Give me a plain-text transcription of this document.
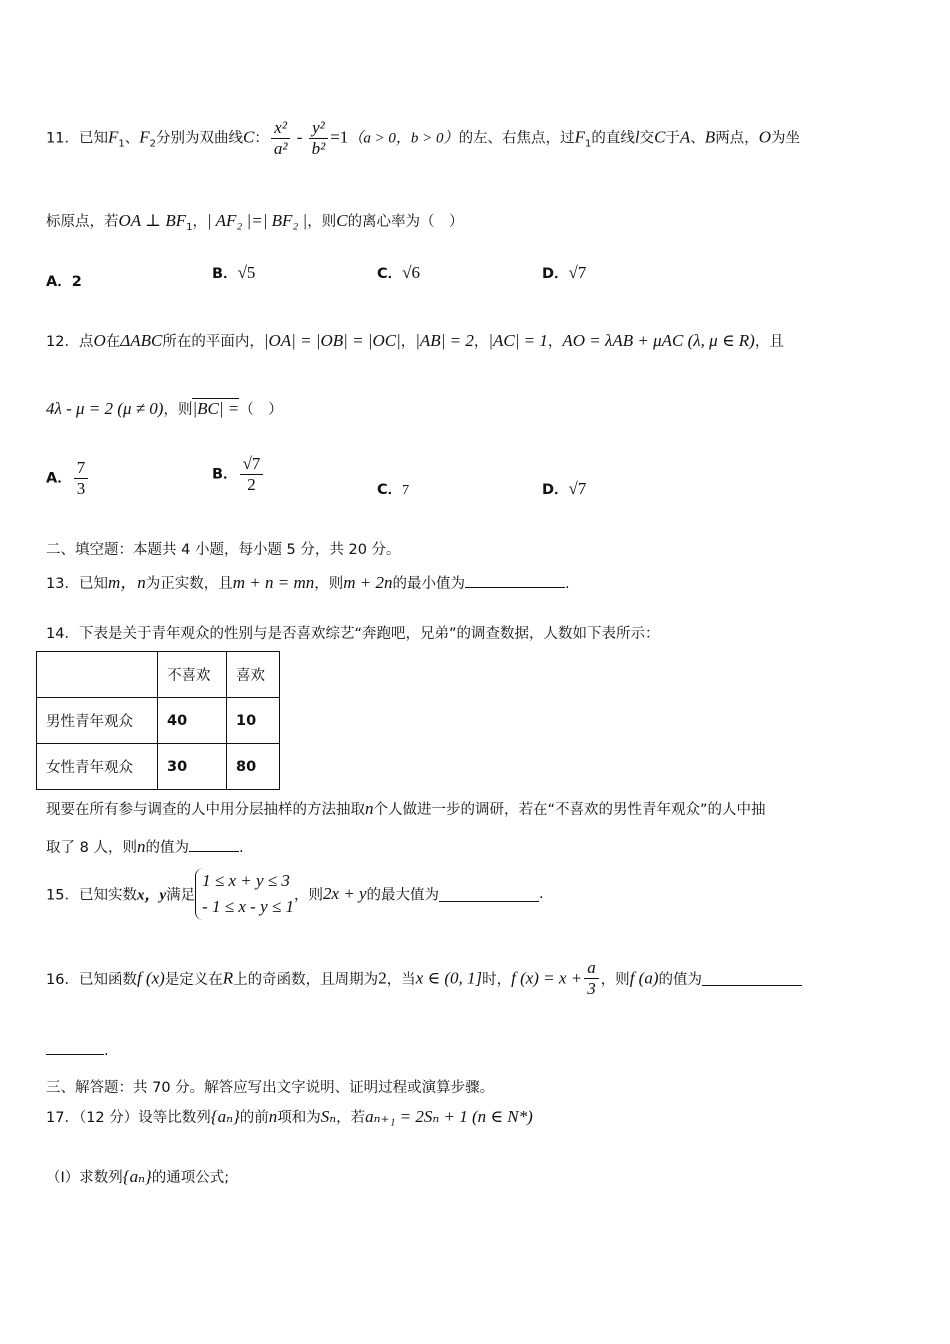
11．已知$F_1$、$F_2$分别为双曲线C： $\frac{\text{x²}}{\text{a²}} - \frac{\text{y²}}{\text{b²}} =1(a > 0$，b > 0）的左、右焦点，过$F_1$的直线l交C于A、B两点，O为坐
标原点，若OA ⊥ $BF_1$，| AF₂ |=| BF₂ |，则C的离心率为（　）
A．2	B．√5	C．√6	D．√7
12．点O在ΔABC所在的平面内，|OA| = |OB| = |OC|，|AB| = 2，|AC| = 1，AO = λAB + μAC (λ, μ ∈ R)，且
4λ - μ = 2 (μ ≠ 0)，则|BC| =（　）
A． $\frac{7}{3}$	B． $\frac{√7}{2}$	C．7	D．√7
二、填空题：本题共 4 小题，每小题 5 分，共 20 分。
13．已知m，n为正实数，且m + n = mn，则m + 2n的最小值为	.
14．下表是关于青年观众的性别与是否喜欢综艺“奔跑吧，兄弟”的调查数据，人数如下表所示：
	不喜欢	喜欢
男性青年观众	40	10
女性青年观众	30	80
现要在所有参与调查的人中用分层抽样的方法抽取n个人做进一步的调研，若在“不喜欢的男性青年观众”的人中抽
取了 8 人，则n的值为	.
15．已知实数x，y满足
1 ≤ x + y ≤ 3
- 1 ≤ x - y ≤ 1
，则2x + y的最大值为	.
16．已知函数f (x)是定义在R上的奇函数，且周期为2，当x ∈ (0, 1]时，f $(x) = x + \frac{a}{3}$ ，则f (a)的值为
.
三、解答题：共 70 分。解答应写出文字说明、证明过程或演算步骤。
17．（12 分）设等比数列{aₙ}的前n项和为Sₙ，若aₙ₊₁ = 2Sₙ + 1 (n ∈ N*)
（Ⅰ）求数列{aₙ}的通项公式;
